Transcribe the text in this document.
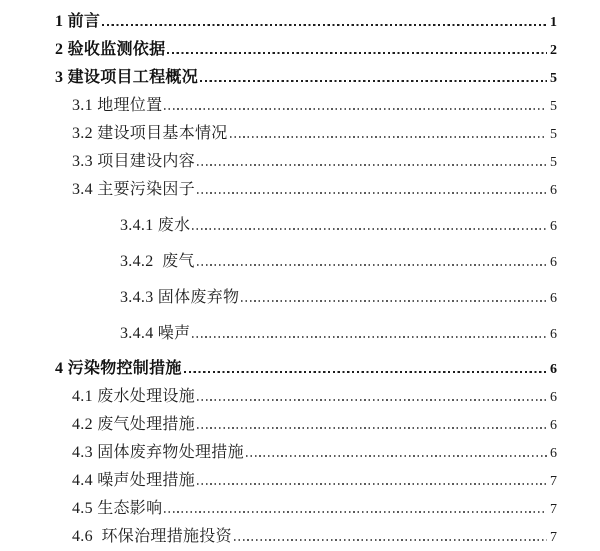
1 前言	1
2 验收监测依据	2
3 建设项目工程概况	5
3.1 地理位置	5
3.2 建设项目基本情况	5
3.3 项目建设内容	5
3.4 主要污染因子	6
3.4.1 废水	6
3.4.2  废气	6
3.4.3 固体废弃物	6
3.4.4 噪声	6
4 污染物控制措施	6
4.1 废水处理设施	6
4.2 废气处理措施	6
4.3 固体废弃物处理措施	6
4.4 噪声处理措施	7
4.5 生态影响	7
4.6  环保治理措施投资	7
